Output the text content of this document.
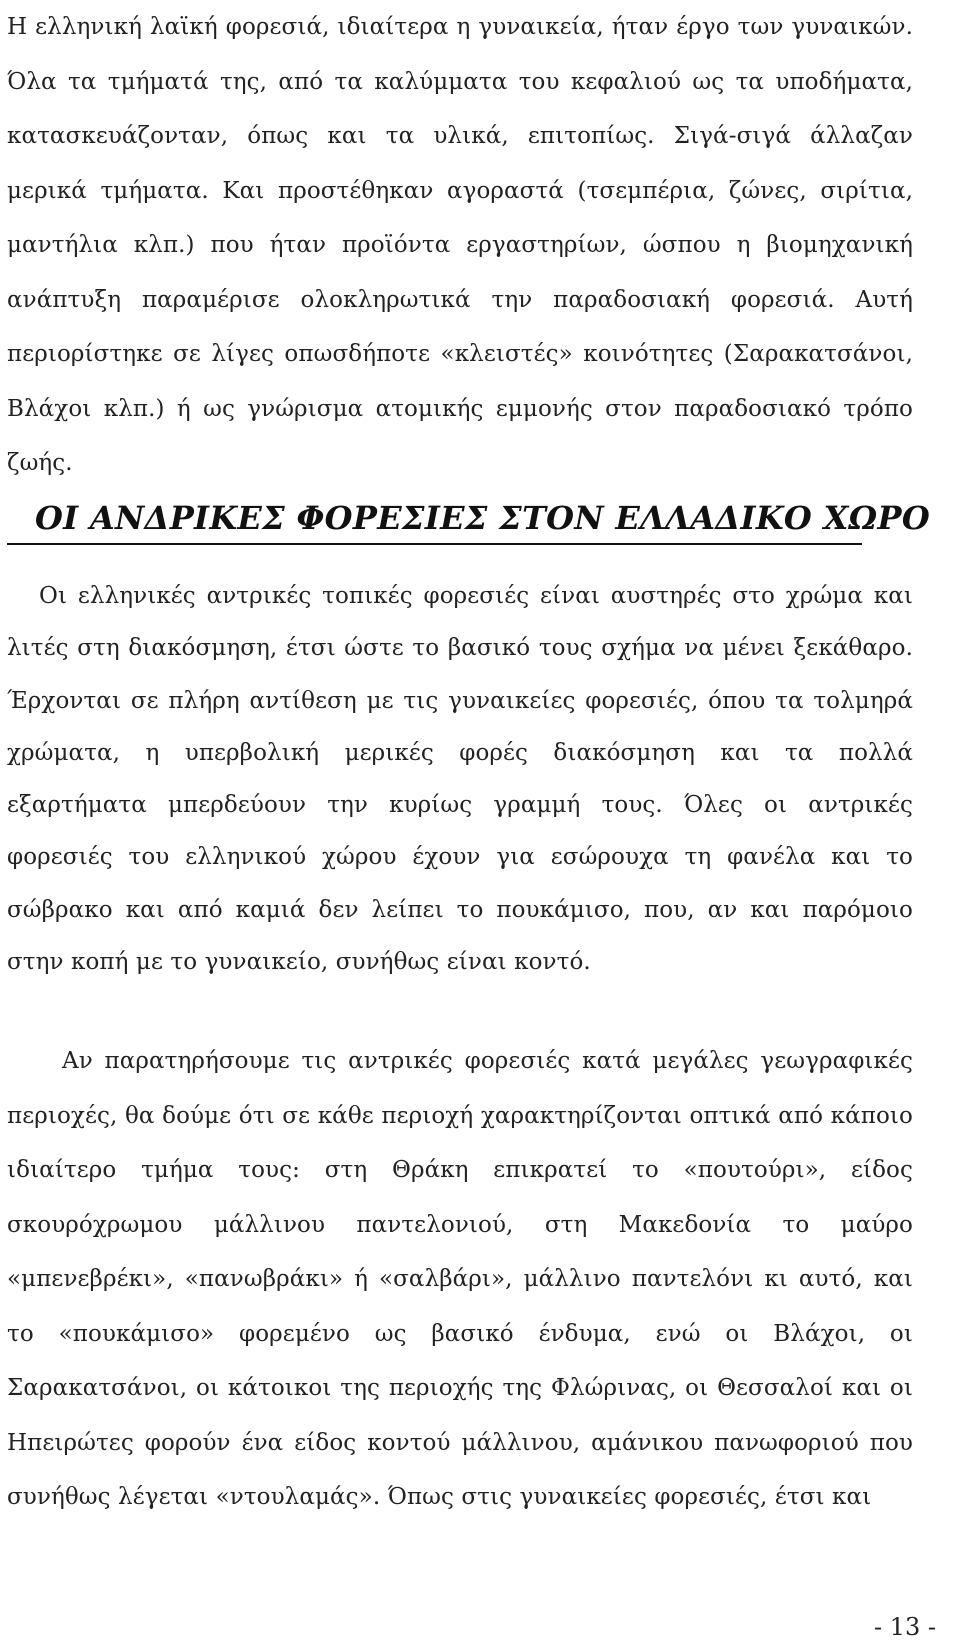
Η ελληνική λαϊκή φορεσιά, ιδιαίτερα η γυναικεία, ήταν έργο των γυναικών. Όλα τα τμήματά της, από τα καλύμματα του κεφαλιού ως τα υποδήματα, κατασκευάζονταν, όπως και τα υλικά, επιτοπίως. Σιγά-σιγά άλλαζαν μερικά τμήματα. Και προστέθηκαν αγοραστά (τσεμπέρια, ζώνες, σιρίτια, μαντήλια κλπ.) που ήταν προϊόντα εργαστηρίων, ώσπου η βιομηχανική ανάπτυξη παραμέρισε ολοκληρωτικά την παραδοσιακή φορεσιά. Αυτή περιορίστηκε σε λίγες οπωσδήποτε «κλειστές» κοινότητες (Σαρακατσάνοι, Βλάχοι κλπ.) ή ως γνώρισμα ατομικής εμμονής στον παραδοσιακό τρόπο ζωής.

ΟΙ ΑΝΔΡΙΚΕΣ ΦΟΡΕΣΙΕΣ ΣΤΟΝ ΕΛΛΑΔΙΚΟ ΧΩΡΟ

Οι ελληνικές αντρικές τοπικές φορεσιές είναι αυστηρές στο χρώμα και λιτές στη διακόσμηση, έτσι ώστε το βασικό τους σχήμα να μένει ξεκάθαρο. Έρχονται σε πλήρη αντίθεση με τις γυναικείες φορεσιές, όπου τα τολμηρά χρώματα, η υπερβολική μερικές φορές διακόσμηση και τα πολλά εξαρτήματα μπερδεύουν την κυρίως γραμμή τους. Όλες οι αντρικές φορεσιές του ελληνικού χώρου έχουν για εσώρουχα τη φανέλα και το σώβρακο και από καμιά δεν λείπει το πουκάμισο, που, αν και παρόμοιο στην κοπή με το γυναικείο, συνήθως είναι κοντό.

Αν παρατηρήσουμε τις αντρικές φορεσιές κατά μεγάλες γεωγραφικές περιοχές, θα δούμε ότι σε κάθε περιοχή χαρακτηρίζονται οπτικά από κάποιο ιδιαίτερο τμήμα τους: στη Θράκη επικρατεί το «πουτούρι», είδος σκουρόχρωμου μάλλινου παντελονιού, στη Μακεδονία το μαύρο «μπενεβρέκι», «πανωβράκι» ή «σαλβάρι», μάλλινο παντελόνι κι αυτό, και το «πουκάμισο» φορεμένο ως βασικό ένδυμα, ενώ οι Βλάχοι, οι Σαρακατσάνοι, οι κάτοικοι της περιοχής της Φλώρινας, οι Θεσσαλοί και οι Ηπειρώτες φορούν ένα είδος κοντού μάλλινου, αμάνικου πανωφοριού που συνήθως λέγεται «ντουλαμάς». Όπως στις γυναικείες φορεσιές, έτσι και

- 13 -
